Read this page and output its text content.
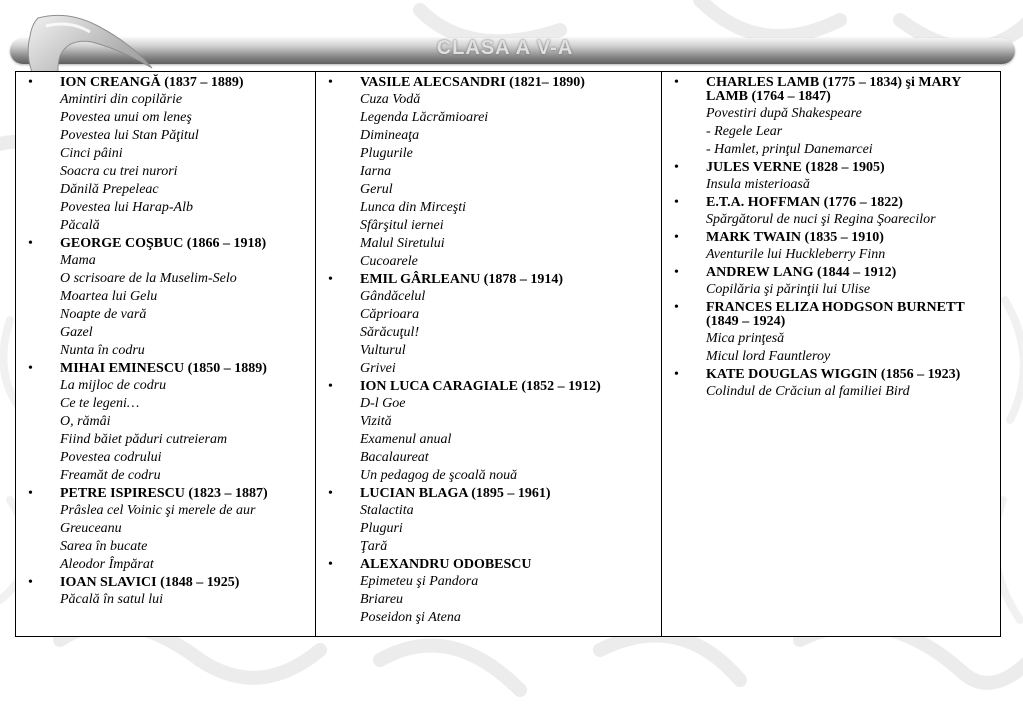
CLASA A V-A
• ION CREANGĂ (1837 – 1889)
Amintiri din copilărie
Povestea unui om leneş
Povestea lui Stan Păţitul
Cinci pâini
Soacra cu trei nurori
Dănilă Prepeleac
Povestea lui Harap-Alb
Păcală
• GEORGE COŞBUC (1866 – 1918)
Mama
O scrisoare de la Muselim-Selo
Moartea lui Gelu
Noapte de vară
Gazel
Nunta în codru
• MIHAI EMINESCU (1850 – 1889)
La mijloc de codru
Ce te legeni…
O, rămâi
Fiind băiet păduri cutreieram
Povestea codrului
Freamăt de codru
• PETRE ISPIRESCU (1823 – 1887)
Prâslea cel Voinic şi merele de aur
Greuceanu
Sarea în bucate
Aleodor Împărat
• IOAN SLAVICI (1848 – 1925)
Păcală în satul lui

• VASILE ALECSANDRI (1821– 1890)
Cuza Vodă
Legenda Lăcrămioarei
Dimineaţa
Plugurile
Iarna
Gerul
Lunca din Mirceşti
Sfârşitul iernei
Malul Siretului
Cucoarele
• EMIL GÂRLEANU (1878 – 1914)
Gândăcelul
Căprioara
Sărăcuţul!
Vulturul
Grivei
• ION LUCA CARAGIALE (1852 – 1912)
D-l Goe
Vizită
Examenul anual
Bacalaureat
Un pedagog de şcoală nouă
• LUCIAN BLAGA (1895 – 1961)
Stalactita
Pluguri
Ţară
• ALEXANDRU ODOBESCU
Epimeteu şi Pandora
Briareu
Poseidon şi Atena

• CHARLES LAMB (1775 – 1834) şi MARY LAMB (1764 – 1847)
Povestiri după Shakespeare
- Regele Lear
- Hamlet, prinţul Danemarcei
• JULES VERNE (1828 – 1905)
Insula misterioasă
• E.T.A. HOFFMAN (1776 – 1822)
Spărgătorul de nuci şi Regina Şoarecilor
• MARK TWAIN (1835 – 1910)
Aventurile lui Huckleberry Finn
• ANDREW LANG (1844 – 1912)
Copilăria şi părinţii lui Ulise
• FRANCES ELIZA HODGSON BURNETT (1849 – 1924)
Mica prinţesă
Micul lord Fauntleroy
• KATE DOUGLAS WIGGIN (1856 – 1923)
Colindul de Crăciun al familiei Bird
